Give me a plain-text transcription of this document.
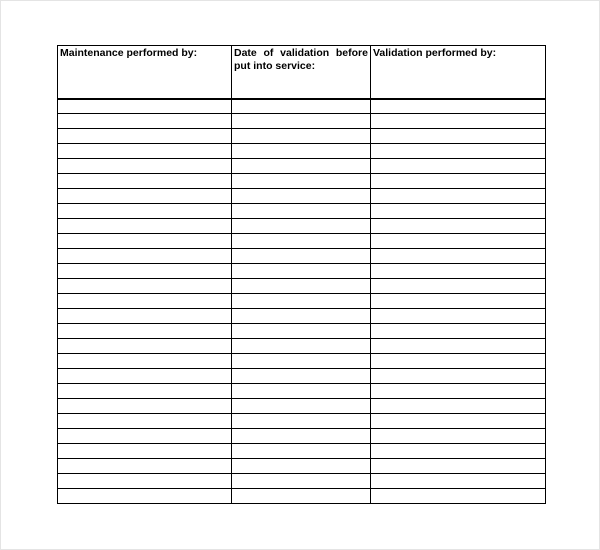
Maintenance performed by:	Date of validation before put into service:	Validation performed by:
